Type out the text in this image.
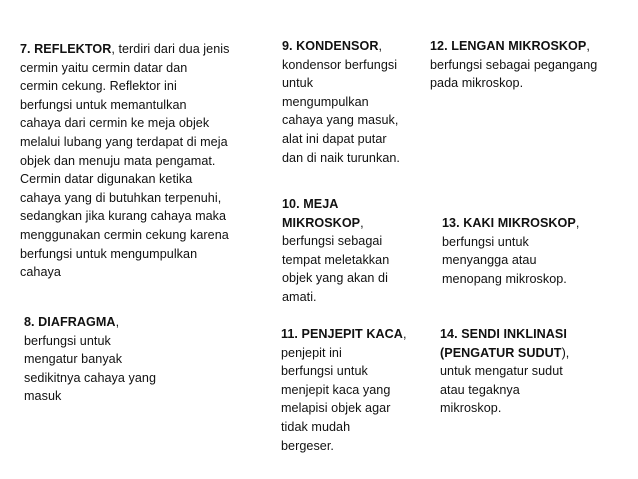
7. REFLEKTOR, terdiri dari dua jenis
cermin yaitu cermin datar dan
cermin cekung. Reflektor ini
berfungsi untuk memantulkan
cahaya dari cermin ke meja objek
melalui lubang yang terdapat di meja
objek dan menuju mata pengamat.
Cermin datar digunakan ketika
cahaya yang di butuhkan terpenuhi,
sedangkan jika kurang cahaya maka
menggunakan cermin cekung karena
berfungsi untuk mengumpulkan
cahaya
8. DIAFRAGMA,
berfungsi untuk
mengatur banyak
sedikitnya cahaya yang
masuk
9. KONDENSOR,
kondensor berfungsi
untuk
mengumpulkan
cahaya yang masuk,
alat ini dapat putar
dan di naik turunkan.
10. MEJA
MIKROSKOP,
berfungsi sebagai
tempat meletakkan
objek yang akan di
amati.
11. PENJEPIT KACA,
penjepit ini
berfungsi untuk
menjepit kaca yang
melapisi objek agar
tidak mudah
bergeser.
12. LENGAN MIKROSKOP,
berfungsi sebagai pegangang
pada mikroskop.
13. KAKI MIKROSKOP,
berfungsi untuk
menyangga atau
menopang mikroskop.
14. SENDI INKLINASI
(PENGATUR SUDUT),
untuk mengatur sudut
atau tegaknya
mikroskop.
